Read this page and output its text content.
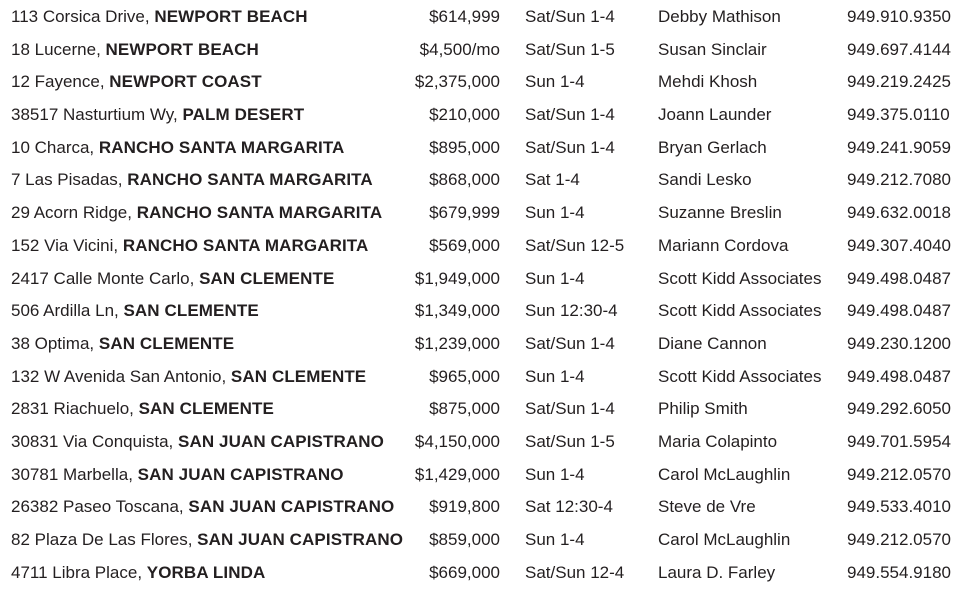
113 Corsica Drive, NEWPORT BEACH	$614,999 Sat/Sun 1-4	Debby Mathison	949.910.9350
18 Lucerne, NEWPORT BEACH	$4,500/mo Sat/Sun 1-5	Susan Sinclair	949.697.4144
12 Fayence, NEWPORT COAST	$2,375,000 Sun 1-4	Mehdi Khosh	949.219.2425
38517 Nasturtium Wy, PALM DESERT	$210,000 Sat/Sun 1-4	Joann Launder	949.375.0110
10 Charca, RANCHO SANTA MARGARITA	$895,000 Sat/Sun 1-4	Bryan Gerlach	949.241.9059
7 Las Pisadas, RANCHO SANTA MARGARITA	$868,000 Sat 1-4	Sandi Lesko	949.212.7080
29 Acorn Ridge, RANCHO SANTA MARGARITA	$679,999 Sun 1-4	Suzanne Breslin	949.632.0018
152 Via Vicini, RANCHO SANTA MARGARITA	$569,000 Sat/Sun 12-5 Mariann Cordova	949.307.4040
2417 Calle Monte Carlo, SAN CLEMENTE	$1,949,000 Sun 1-4	Scott Kidd Associates 949.498.0487
506 Ardilla Ln, SAN CLEMENTE	$1,349,000 Sun 12:30-4 Scott Kidd Associates 949.498.0487
38 Optima, SAN CLEMENTE	$1,239,000 Sat/Sun 1-4	Diane Cannon	949.230.1200
132 W Avenida San Antonio, SAN CLEMENTE	$965,000 Sun 1-4	Scott Kidd Associates 949.498.0487
2831 Riachuelo, SAN CLEMENTE	$875,000 Sat/Sun 1-4	Philip Smith	949.292.6050
30831 Via Conquista, SAN JUAN CAPISTRANO $4,150,000 Sat/Sun 1-5	Maria Colapinto	949.701.5954
30781 Marbella, SAN JUAN CAPISTRANO	$1,429,000 Sun 1-4	Carol McLaughlin	949.212.0570
26382 Paseo Toscana, SAN JUAN CAPISTRANO $919,800 Sat 12:30-4	Steve de Vre	949.533.4010
82 Plaza De Las Flores, SAN JUAN CAPISTRANO $859,000 Sun 1-4	Carol McLaughlin	949.212.0570
4711 Libra Place, YORBA LINDA	$669,000 Sat/Sun 12-4 Laura D. Farley	949.554.9180
